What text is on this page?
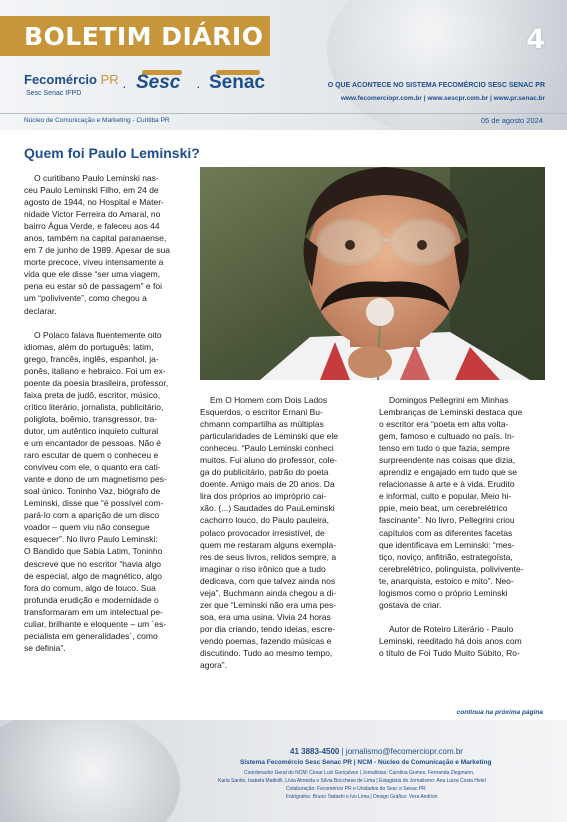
BOLETIM DIÁRIO	4
Fecomércio PR
Sesc Senac IFPD	· Sesc · Senac	O QUE ACONTECE NO SISTEMA FECOMÉRCIO SESC SENAC PR
www.fecomerciopr.com.br | www.sescpr.com.br | www.pr.senac.br
Núcleo de Comunicação e Marketing - Curitiba PR	05 de agosto 2024
Quem foi Paulo Leminski?
O curitibano Paulo Leminski nas-
ceu Paulo Leminski Filho, em 24 de
agosto de 1944, no Hospital e Mater-
nidade Victor Ferreira do Amaral, no
bairro Água Verde, e faleceu aos 44
anos, também na capital paranaense,
em 7 de junho de 1989. Apesar de sua
morte precoce, viveu intensamente a
vida que ele disse “ser uma viagem,
pena eu estar só de passagem” e foi
um “polivivente”, como chegou a
declarar.

O Polaco falava fluentemente oito
idiomas, além do português: latim,
grego, francês, inglês, espanhol, ja-
ponês, italiano e hebraico. Foi um ex-
poente da poesia brasileira, professor,
faixa preta de judô, escritor, músico,
crítico literário, jornalista, publicitário,
poliglota, boêmio, transgressor, tra-
dutor, um autêntico inquieto cultural
e um encantador de pessoas. Não é
raro escutar de quem o conheceu e
conviveu com ele, o quanto era cati-
vante e dono de um magnetismo pes-
soal único. Toninho Vaz, biógrafo de
Leminski, disse que “é possível com-
pará-lo com a aparição de um disco
voador – quem viu não consegue
esquecer”. No livro Paulo Leminski:
O Bandido que Sabia Latim, Toninho
descreve que no escritor “havia algo
de especial, algo de magnético, algo
fora do comum, algo de louco. Sua
profunda erudição e modernidade o
transformaram em um intelectual pe-
culiar, brilhante e eloquente – um ´es-
pecialista em generalidades´, como
se definia”.
Em O Homem com Dois Lados
Esquerdos, o escritor Ernani Bu-
chmann compartilha as múltiplas
particularidades de Leminski que ele
conheceu. “Paulo Leminski conheci
muitos. Fui aluno do professor, cole-
ga do publicitário, patrão do poeta
doente. Amigo mais de 20 anos. Da
lira dos próprios ao impróprio cai-
xão. (...) Saudades do PauLeminski
cachorro louco, do Paulo pauleira,
polaco provocador irresistível, de
quem me restaram alguns exempla-
res de seus livros, relidos sempre, a
imaginar o riso irônico que a tudo
dedicava, com que talvez ainda nos
veja”. Buchmann ainda chegou a di-
zer que “Leminski não era uma pes-
soa, era uma usina. Vivia 24 horas
por dia criando, tendo ideias, escre-
vendo poemas, fazendo músicas e
discutindo. Tudo ao mesmo tempo,
agora”.
Domingos Pellegrini em Minhas
Lembranças de Leminski destaca que
o escritor era “poeta em alta volta-
gem, famoso e cultuado no país. In-
tenso em tudo o que fazia, sempre
surpreendente nas coisas que dizia,
aprendiz e engajado em tudo que se
relacionasse à arte e à vida. Erudito
e informal, culto e popular. Meio hi-
ppie, meio beat, um cerebrelétrico
fascinante”. No livro, Pellegrini criou
capítulos com as diferentes facetas
que identificava em Leminski: “mes-
tiço, noviço, anfitrião, estrategoísta,
cerebrelétrico, polinguista, polivivente-
te, anarquista, estoico e mito”. Neo-
logismos como o próprio Leminski
gostava de criar.

Autor de Roteiro Literário - Paulo
Leminski, reeditado há dois anos com
o título de Foi Tudo Muito Súbito, Ro-
continua na próxima página
41 3883-4500 | jornalismo@fecomerciopr.com.br
Sistema Fecomércio Sesc Senac PR | NCM - Núcleo de Comunicação e Marketing
Coordenador Geral do NCM: Cesar Luiz Gonçalves | Jornalistas: Carolina Gomes, Fernanda Ziegmann,
Karla Santin, Isabela Mattiolli, Lívia Almeida e Silvia Bocchese de Lima | Estagiária de Jornalismo: Ana Luiza Costa Helel
Colaboração: Fecomércio PR e Unidades do Sesc e Senac PR
Fotógrafos: Bruno Tadashi e Ivo Lima | Design Gráfico: Vera Andrion
